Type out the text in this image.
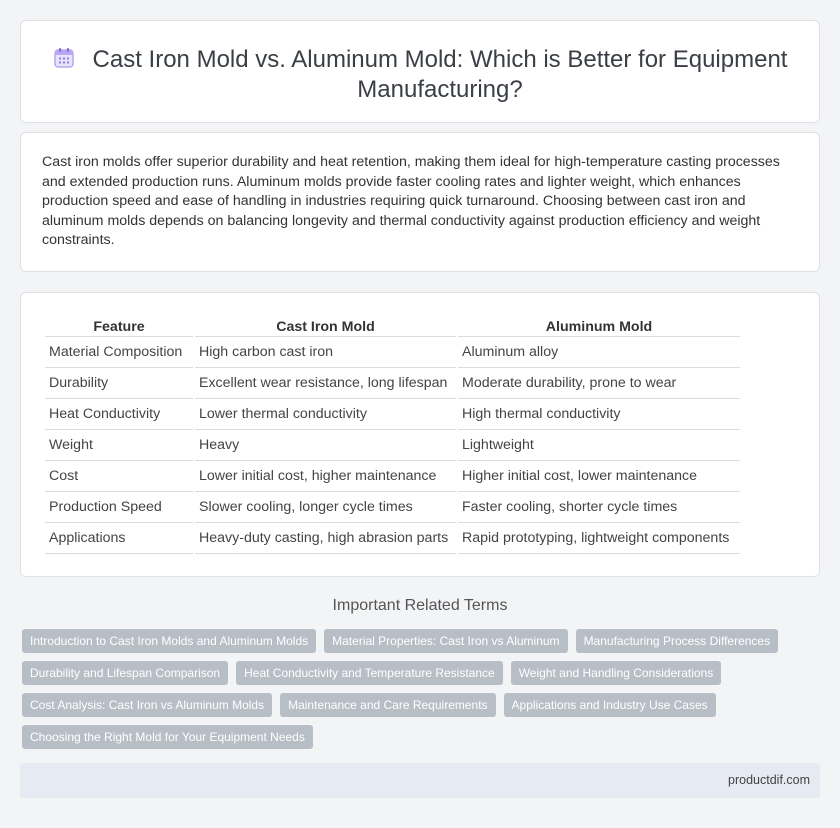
Cast Iron Mold vs. Aluminum Mold: Which is Better for Equipment Manufacturing?

Cast iron molds offer superior durability and heat retention, making them ideal for high-temperature casting processes and extended production runs. Aluminum molds provide faster cooling rates and lighter weight, which enhances production speed and ease of handling in industries requiring quick turnaround. Choosing between cast iron and aluminum molds depends on balancing longevity and thermal conductivity against production efficiency and weight constraints.

Feature	Cast Iron Mold	Aluminum Mold
Material Composition	High carbon cast iron	Aluminum alloy
Durability	Excellent wear resistance, long lifespan	Moderate durability, prone to wear
Heat Conductivity	Lower thermal conductivity	High thermal conductivity
Weight	Heavy	Lightweight
Cost	Lower initial cost, higher maintenance	Higher initial cost, lower maintenance
Production Speed	Slower cooling, longer cycle times	Faster cooling, shorter cycle times
Applications	Heavy-duty casting, high abrasion parts	Rapid prototyping, lightweight components
Important Related Terms
Introduction to Cast Iron Molds and Aluminum Molds	Material Properties: Cast Iron vs Aluminum	Manufacturing Process Differences
Durability and Lifespan Comparison	Heat Conductivity and Temperature Resistance	Weight and Handling Considerations
Cost Analysis: Cast Iron vs Aluminum Molds	Maintenance and Care Requirements	Applications and Industry Use Cases
Choosing the Right Mold for Your Equipment Needs
productdif.com
